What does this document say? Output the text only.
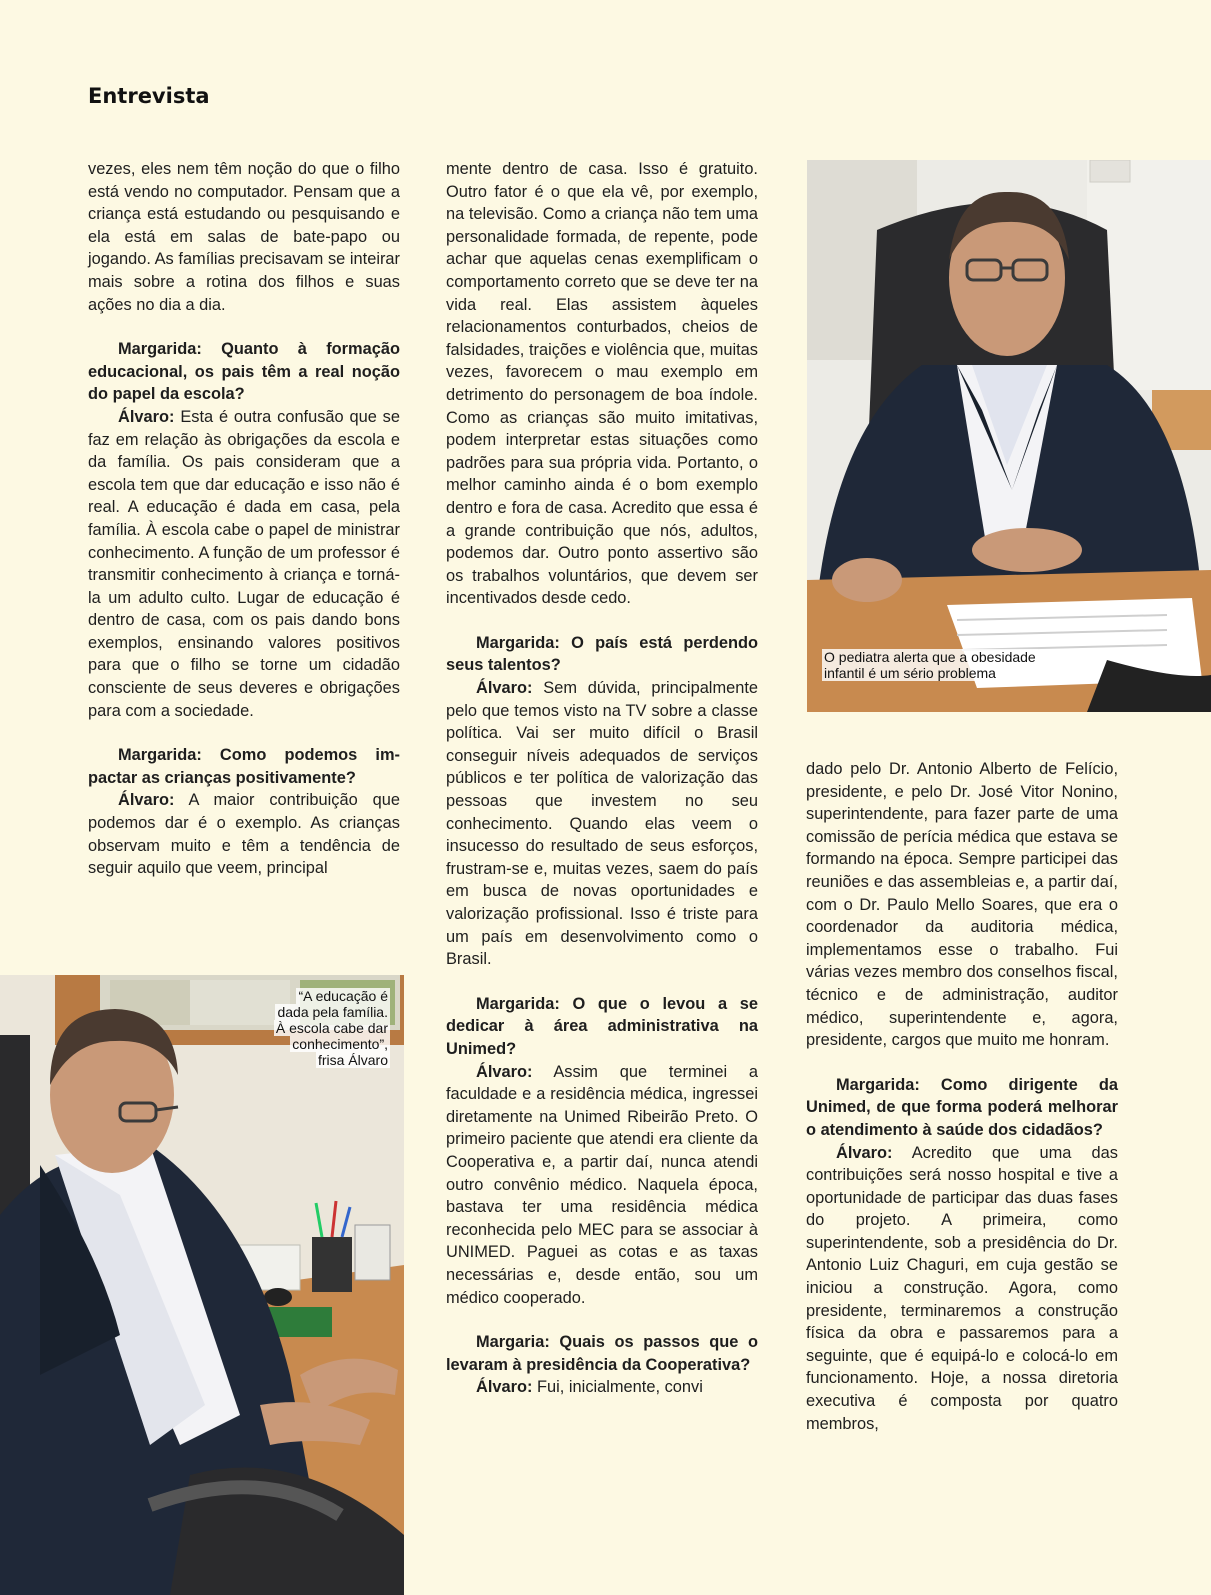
Entrevista

vezes, eles nem têm noção do que o filho está vendo no computador. Pensam que a criança está estudando ou pesquisando e ela está em salas de bate-papo ou jogando. As famílias precisavam se inteirar mais sobre a rotina dos filhos e suas ações no dia a dia.

Margarida: Quanto à formação educacional, os pais têm a real noção do papel da escola?

Álvaro: Esta é outra confusão que se faz em relação às obrigações da escola e da família. Os pais consideram que a escola tem que dar educação e isso não é real. A educação é dada em casa, pela família. À escola cabe o papel de ministrar conhecimento. A função de um professor é transmitir conhecimento à criança e torná-la um adulto culto. Lugar de educação é dentro de casa, com os pais dando bons exemplos, ensinando valores positivos para que o filho se torne um cidadão consciente de seus deveres e obrigações para com a sociedade.

Margarida: Como podemos impactar as crianças positivamente?

Álvaro: A maior contribuição que podemos dar é o exemplo. As crianças observam muito e têm a tendência de seguir aquilo que veem, principal

mente dentro de casa. Isso é gratuito. Outro fator é o que ela vê, por exemplo, na televisão. Como a criança não tem uma personalidade formada, de repente, pode achar que aquelas cenas exemplificam o comportamento correto que se deve ter na vida real. Elas assistem àqueles relacionamentos conturbados, cheios de falsidades, traições e violência que, muitas vezes, favorecem o mau exemplo em detrimento do personagem de boa índole. Como as crianças são muito imitativas, podem interpretar estas situações como padrões para sua própria vida. Portanto, o melhor caminho ainda é o bom exemplo dentro e fora de casa. Acredito que essa é a grande contribuição que nós, adultos, podemos dar. Outro ponto assertivo são os trabalhos voluntários, que devem ser incentivados desde cedo.

Margarida: O país está perdendo seus talentos?

Álvaro: Sem dúvida, principalmente pelo que temos visto na TV sobre a classe política. Vai ser muito difícil o Brasil conseguir níveis adequados de serviços públicos e ter política de valorização das pessoas que investem no seu conhecimento. Quando elas veem o insucesso do resultado de seus esforços, frustram-se e, muitas vezes, saem do país em busca de novas oportunidades e valorização profissional. Isso é triste para um país em desenvolvimento como o Brasil.

Margarida: O que o levou a se dedicar à área administrativa na Unimed?

Álvaro: Assim que terminei a faculdade e a residência médica, ingressei diretamente na Unimed Ribeirão Preto. O primeiro paciente que atendi era cliente da Cooperativa e, a partir daí, nunca atendi outro convênio médico. Naquela época, bastava ter uma residência médica reconhecida pelo MEC para se associar à UNIMED. Paguei as cotas e as taxas necessárias e, desde então, sou um médico cooperado.

Margaria: Quais os passos que o levaram à presidência da Cooperativa?

Álvaro: Fui, inicialmente, convi

dado pelo Dr. Antonio Alberto de Felício, presidente, e pelo Dr. José Vitor Nonino, superintendente, para fazer parte de uma comissão de perícia médica que estava se formando na época. Sempre participei das reuniões e das assembleias e, a partir daí, com o Dr. Paulo Mello Soares, que era o coordenador da auditoria médica, implementamos esse o trabalho. Fui várias vezes membro dos conselhos fiscal, técnico e de administração, auditor médico, superintendente e, agora, presidente, cargos que muito me honram.

Margarida: Como dirigente da Unimed, de que forma poderá melhorar o atendimento à saúde dos cidadãos?

Álvaro: Acredito que uma das contribuições será nosso hospital e tive a oportunidade de participar das duas fases do projeto. A primeira, como superintendente, sob a presidência do Dr. Antonio Luiz Chaguri, em cuja gestão se iniciou a construção. Agora, como presidente, terminaremos a construção física da obra e passaremos para a seguinte, que é equipá-lo e colocá-lo em funcionamento. Hoje, a nossa diretoria executiva é composta por quatro membros,

O pediatra alerta que a obesidade
infantil é um sério problema
“A educação é
dada pela família.
À escola cabe dar
conhecimento”,
frisa Álvaro
